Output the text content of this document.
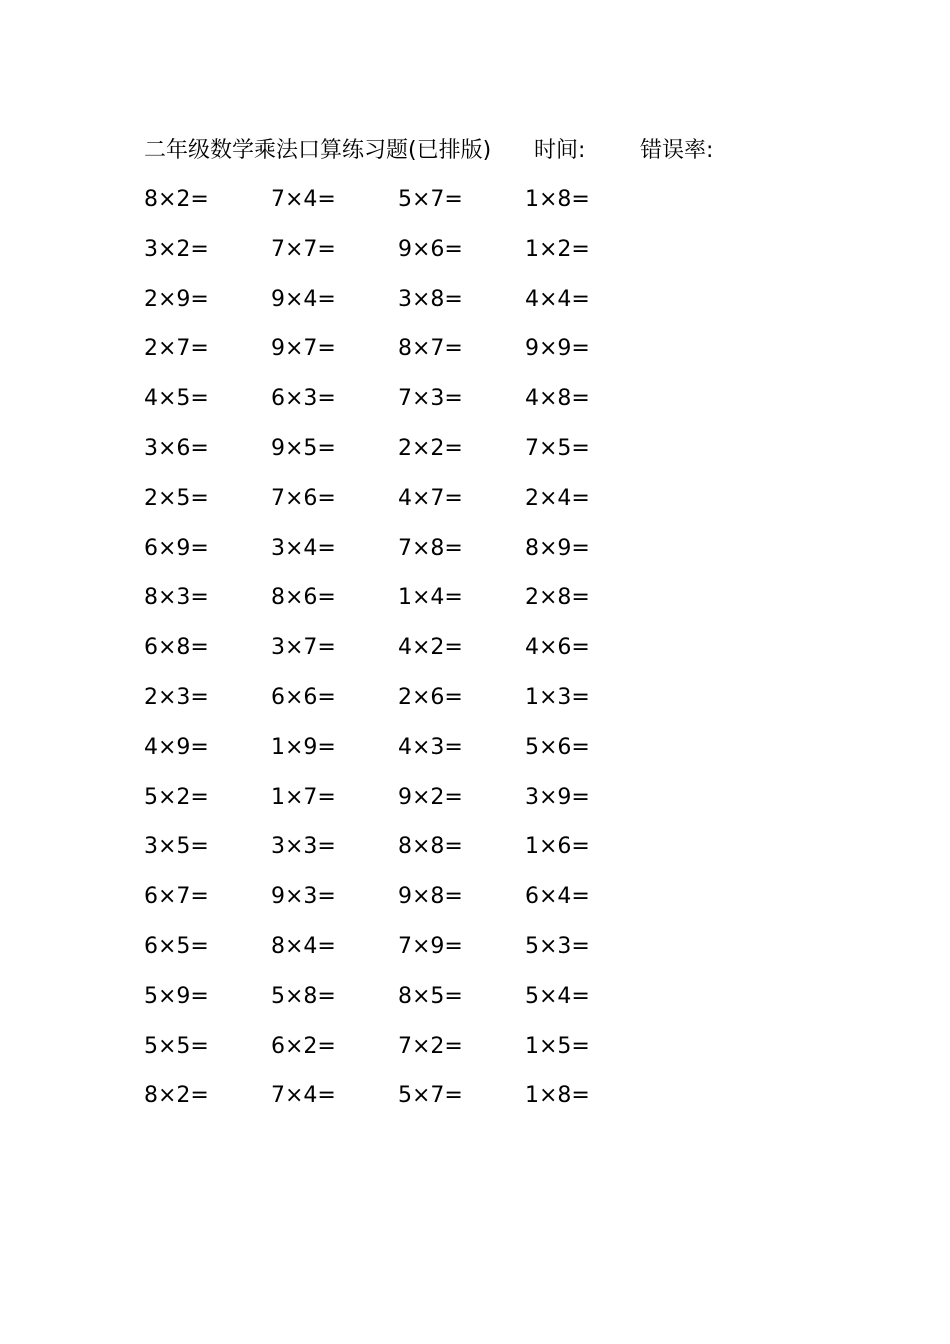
二年级数学乘法口算练习题(已排版) 时间: 错误率:
8×2=	7×4=	5×7=	1×8=
3×2=	7×7=	9×6=	1×2=
2×9=	9×4=	3×8=	4×4=
2×7=	9×7=	8×7=	9×9=
4×5=	6×3=	7×3=	4×8=
3×6=	9×5=	2×2=	7×5=
2×5=	7×6=	4×7=	2×4=
6×9=	3×4=	7×8=	8×9=
8×3=	8×6=	1×4=	2×8=
6×8=	3×7=	4×2=	4×6=
2×3=	6×6=	2×6=	1×3=
4×9=	1×9=	4×3=	5×6=
5×2=	1×7=	9×2=	3×9=
3×5=	3×3=	8×8=	1×6=
6×7=	9×3=	9×8=	6×4=
6×5=	8×4=	7×9=	5×3=
5×9=	5×8=	8×5=	5×4=
5×5=	6×2=	7×2=	1×5=
8×2=	7×4=	5×7=	1×8=
